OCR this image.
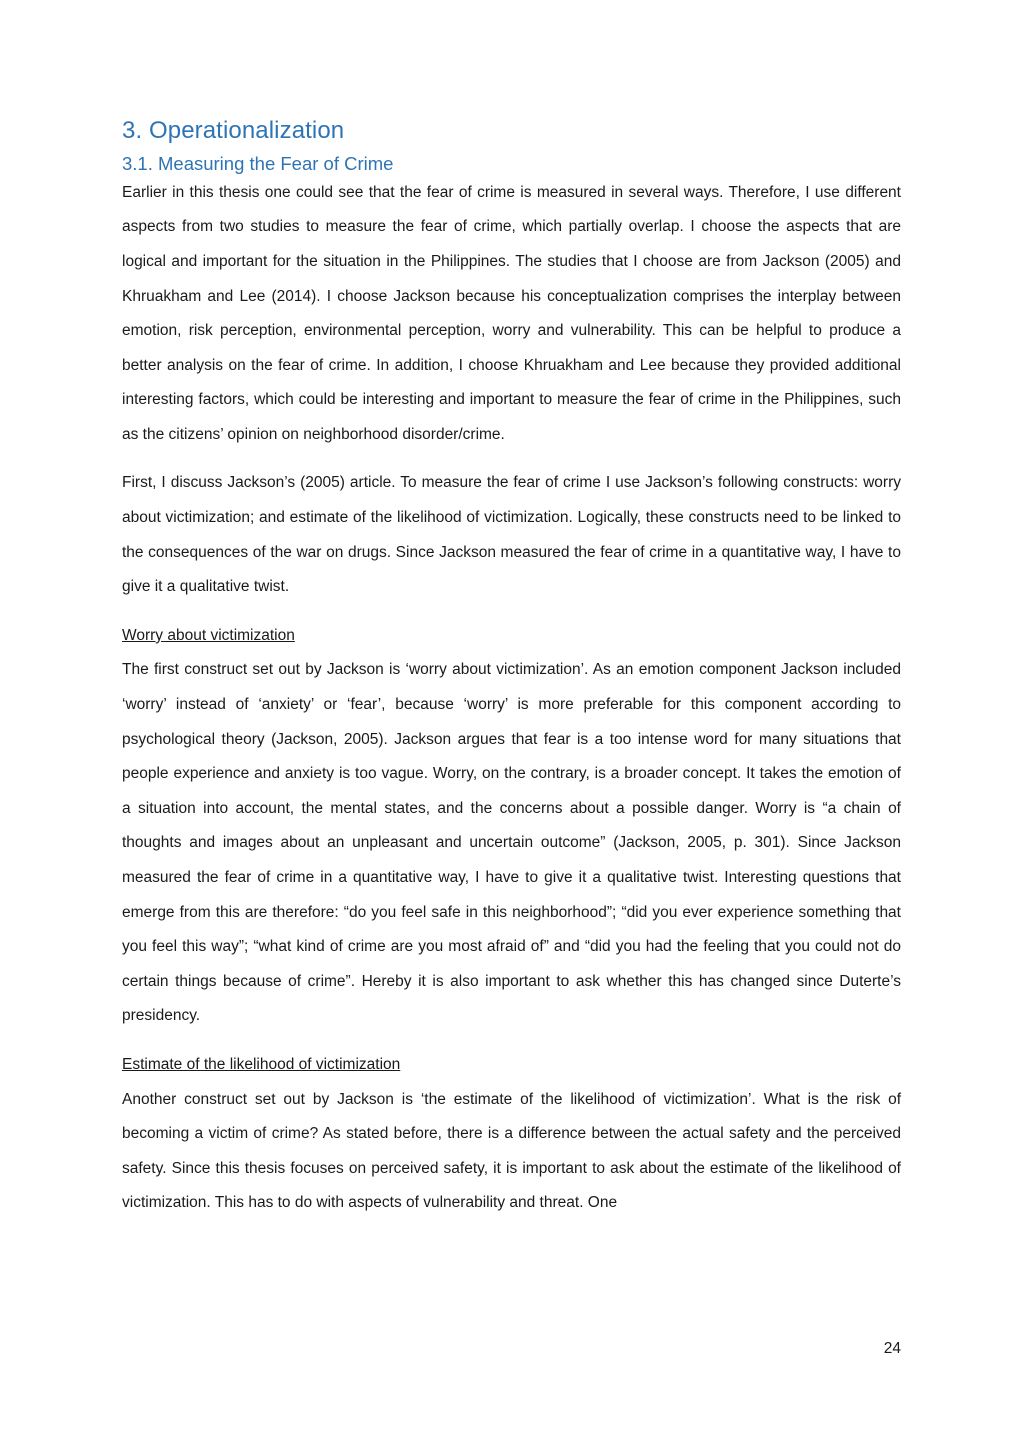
3. Operationalization
3.1. Measuring the Fear of Crime

Earlier in this thesis one could see that the fear of crime is measured in several ways. Therefore, I use different aspects from two studies to measure the fear of crime, which partially overlap. I choose the aspects that are logical and important for the situation in the Philippines. The studies that I choose are from Jackson (2005) and Khruakham and Lee (2014). I choose Jackson because his conceptualization comprises the interplay between emotion, risk perception, environmental perception, worry and vulnerability. This can be helpful to produce a better analysis on the fear of crime. In addition, I choose Khruakham and Lee because they provided additional interesting factors, which could be interesting and important to measure the fear of crime in the Philippines, such as the citizens’ opinion on neighborhood disorder/crime.

First, I discuss Jackson’s (2005) article. To measure the fear of crime I use Jackson’s following constructs: worry about victimization; and estimate of the likelihood of victimization. Logically, these constructs need to be linked to the consequences of the war on drugs. Since Jackson measured the fear of crime in a quantitative way, I have to give it a qualitative twist.

Worry about victimization

The first construct set out by Jackson is ‘worry about victimization’. As an emotion component Jackson included ‘worry’ instead of ‘anxiety’ or ‘fear’, because ‘worry’ is more preferable for this component according to psychological theory (Jackson, 2005). Jackson argues that fear is a too intense word for many situations that people experience and anxiety is too vague. Worry, on the contrary, is a broader concept. It takes the emotion of a situation into account, the mental states, and the concerns about a possible danger. Worry is “a chain of thoughts and images about an unpleasant and uncertain outcome” (Jackson, 2005, p. 301). Since Jackson measured the fear of crime in a quantitative way, I have to give it a qualitative twist. Interesting questions that emerge from this are therefore: “do you feel safe in this neighborhood”; “did you ever experience something that you feel this way”; “what kind of crime are you most afraid of” and “did you had the feeling that you could not do certain things because of crime”. Hereby it is also important to ask whether this has changed since Duterte’s presidency.

Estimate of the likelihood of victimization

Another construct set out by Jackson is ‘the estimate of the likelihood of victimization’. What is the risk of becoming a victim of crime? As stated before, there is a difference between the actual safety and the perceived safety. Since this thesis focuses on perceived safety, it is important to ask about the estimate of the likelihood of victimization. This has to do with aspects of vulnerability and threat. One

24
